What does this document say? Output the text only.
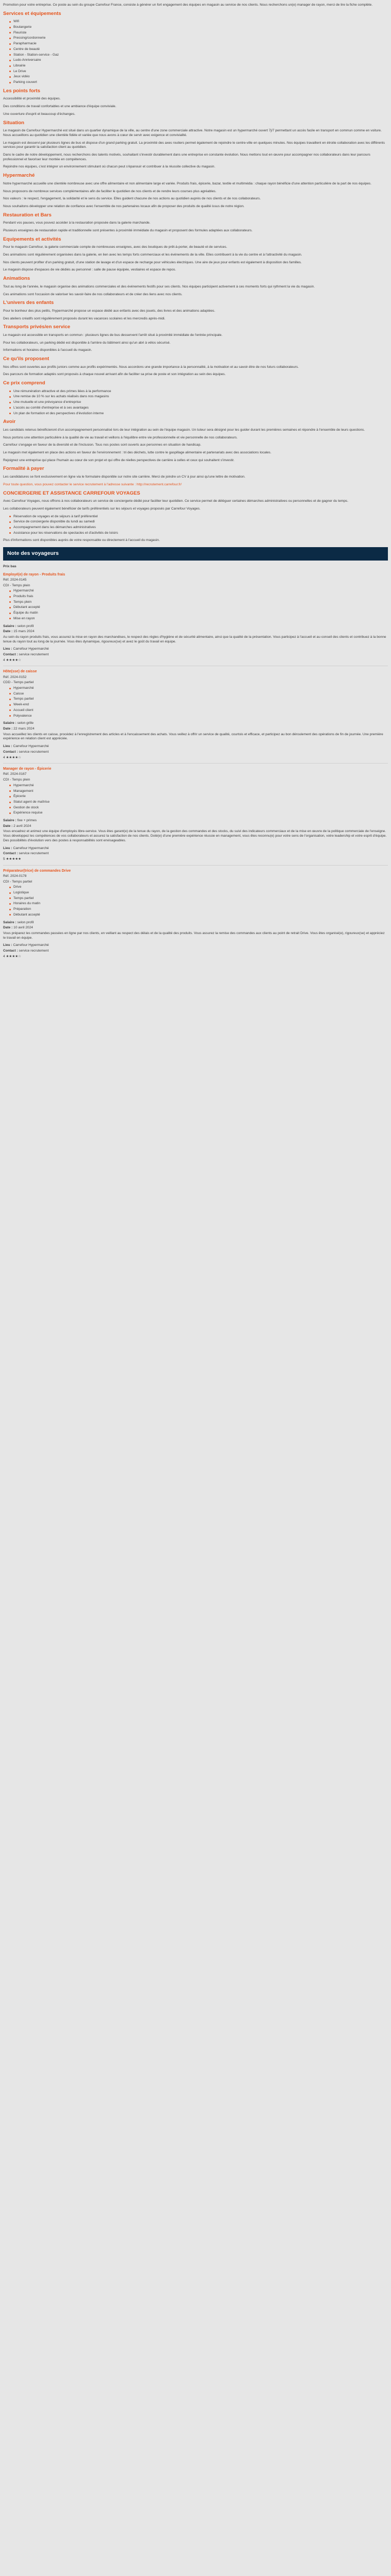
Promotion pour votre entreprise. Ce poste au sein du groupe Carrefour France, consiste à générer un fort engagement des équipes en magasin au service de nos clients. Nous recherchons un(e) manager de rayon, merci de lire la fiche complète.

Services et équipements
Wifi
Boulangerie
Fleuriste
Pressing/cordonnerie
Parapharmacie
Centre de beauté
Station - Station-service - Gaz
Ludo-Anniversaire
Librairie
Le Drive
Jeux vidéo
Parking couvert
Les points forts

Accessibilité et proximité des équipes.

Des conditions de travail confortables et une ambiance d'équipe conviviale.

Une ouverture d'esprit et beaucoup d'échanges.

Situation

Le magasin de Carrefour Hypermarché est situé dans un quartier dynamique de la ville, au centre d'une zone commerciale attractive. Notre magasin est un hypermarché ouvert 7j/7 permettant un accès facile en transport en commun comme en voiture. Nous accueillons au quotidien une clientèle fidèle et variée que nous avons à cœur de servir avec exigence et convivialité.

Le magasin est desservi par plusieurs lignes de bus et dispose d'un grand parking gratuit. La proximité des axes routiers permet également de rejoindre le centre-ville en quelques minutes. Nos équipes travaillent en étroite collaboration avec les différents services pour garantir la satisfaction client au quotidien.

Dans le cadre de notre développement, nous recherchons des talents motivés, souhaitant s'investir durablement dans une entreprise en constante évolution. Nous mettons tout en œuvre pour accompagner nos collaborateurs dans leur parcours professionnel et favoriser leur montée en compétences.

Rejoindre nos équipes, c'est intégrer un environnement stimulant où chacun peut s'épanouir et contribuer à la réussite collective du magasin.

Hypermarché

Notre hypermarché accueille une clientèle nombreuse avec une offre alimentaire et non alimentaire large et variée. Produits frais, épicerie, bazar, textile et multimédia : chaque rayon bénéficie d'une attention particulière de la part de nos équipes.

Nous proposons de nombreux services complémentaires afin de faciliter le quotidien de nos clients et de rendre leurs courses plus agréables.

Nos valeurs : le respect, l'engagement, la solidarité et le sens du service. Elles guident chacune de nos actions au quotidien auprès de nos clients et de nos collaborateurs.

Nous souhaitons développer une relation de confiance avec l'ensemble de nos partenaires locaux afin de proposer des produits de qualité issus de notre région.

Restauration et Bars

Pendant vos pauses, vous pouvez accéder à la restauration proposée dans la galerie marchande.

Plusieurs enseignes de restauration rapide et traditionnelle sont présentes à proximité immédiate du magasin et proposent des formules adaptées aux collaborateurs.

Equipements et activités

Pour le magasin Carrefour, la galerie commerciale compte de nombreuses enseignes, avec des boutiques de prêt-à-porter, de beauté et de services.

Des animations sont régulièrement organisées dans la galerie, en lien avec les temps forts commerciaux et les événements de la ville. Elles contribuent à la vie du centre et à l'attractivité du magasin.

Nos clients peuvent profiter d'un parking gratuit, d'une station de lavage et d'un espace de recharge pour véhicules électriques. Une aire de jeux pour enfants est également à disposition des familles.

Le magasin dispose d'espaces de vie dédiés au personnel : salle de pause équipée, vestiaires et espace de repos.

Animations

Tout au long de l'année, le magasin organise des animations commerciales et des événements festifs pour ses clients. Nos équipes participent activement à ces moments forts qui rythment la vie du magasin.

Ces animations sont l'occasion de valoriser les savoir-faire de nos collaborateurs et de créer des liens avec nos clients.

L'univers des enfants

Pour le bonheur des plus petits, l'hypermarché propose un espace dédié aux enfants avec des jouets, des livres et des animations adaptées.

Des ateliers créatifs sont régulièrement proposés durant les vacances scolaires et les mercredis après-midi.

Transports privés/en service

Le magasin est accessible en transports en commun : plusieurs lignes de bus desservent l'arrêt situé à proximité immédiate de l'entrée principale.

Pour les collaborateurs, un parking dédié est disponible à l'arrière du bâtiment ainsi qu'un abri à vélos sécurisé.

Informations et horaires disponibles à l'accueil du magasin.

Ce qu'ils proposent

Nos offres sont ouvertes aux profils juniors comme aux profils expérimentés. Nous accordons une grande importance à la personnalité, à la motivation et au savoir-être de nos futurs collaborateurs.

Des parcours de formation adaptés sont proposés à chaque nouvel arrivant afin de faciliter sa prise de poste et son intégration au sein des équipes.

Ce prix comprend
Une rémunération attractive et des primes liées à la performance
Une remise de 10 % sur les achats réalisés dans nos magasins
Une mutuelle et une prévoyance d'entreprise
L'accès au comité d'entreprise et à ses avantages
Un plan de formation et des perspectives d'évolution interne
Avoir

Les candidats retenus bénéficieront d'un accompagnement personnalisé lors de leur intégration au sein de l'équipe magasin. Un tuteur sera désigné pour les guider durant les premières semaines et répondre à l'ensemble de leurs questions.

Nous portons une attention particulière à la qualité de vie au travail et veillons à l'équilibre entre vie professionnelle et vie personnelle de nos collaborateurs.

Carrefour s'engage en faveur de la diversité et de l'inclusion. Tous nos postes sont ouverts aux personnes en situation de handicap.

Le magasin met également en place des actions en faveur de l'environnement : tri des déchets, lutte contre le gaspillage alimentaire et partenariats avec des associations locales.

Rejoignez une entreprise qui place l'humain au cœur de son projet et qui offre de réelles perspectives de carrière à celles et ceux qui souhaitent s'investir.

Formalité à payer

Les candidatures se font exclusivement en ligne via le formulaire disponible sur notre site carrière. Merci de joindre un CV à jour ainsi qu'une lettre de motivation.

Pour toute question, vous pouvez contacter le service recrutement à l'adresse suivante : http://recrutement.carrefour.fr/

CONCIERGERIE ET ASSISTANCE CARREFOUR VOYAGES

Avec Carrefour Voyages, nous offrons à nos collaborateurs un service de conciergerie dédié pour faciliter leur quotidien. Ce service permet de déléguer certaines démarches administratives ou personnelles et de gagner du temps.

Les collaborateurs peuvent également bénéficier de tarifs préférentiels sur les séjours et voyages proposés par Carrefour Voyages.

Réservation de voyages et de séjours à tarif préférentiel
Service de conciergerie disponible du lundi au samedi
Accompagnement dans les démarches administratives
Assistance pour les réservations de spectacles et d'activités de loisirs

Plus d'informations sont disponibles auprès de votre responsable ou directement à l'accueil du magasin.

Note des voyageurs

Prix bas

Employé(e) de rayon - Produits frais

Réf. 2024-0145

CDI - Temps plein

Hypermarché
Produits frais
Temps plein
Débutant accepté
Équipe du matin
Mise en rayon

Salaire : selon profil

Date : 15 mars 2024

Au sein du rayon produits frais, vous assurez la mise en rayon des marchandises, le respect des règles d'hygiène et de sécurité alimentaire, ainsi que la qualité de la présentation. Vous participez à l'accueil et au conseil des clients et contribuez à la bonne tenue du rayon tout au long de la journée. Vous êtes dynamique, rigoureux(se) et avez le goût du travail en équipe.

Lieu : Carrefour Hypermarché

Contact : service recrutement

4 ★★★★☆

Hôte(sse) de caisse

Réf. 2024-0152

CDD - Temps partiel

Hypermarché
Caisse
Temps partiel
Week-end
Accueil client
Polyvalence

Salaire : selon grille

Date : 22 mars 2024

Vous accueillez les clients en caisse, procédez à l'enregistrement des articles et à l'encaissement des achats. Vous veillez à offrir un service de qualité, courtois et efficace, et participez au bon déroulement des opérations de fin de journée. Une première expérience en relation client est appréciée.

Lieu : Carrefour Hypermarché

Contact : service recrutement

4 ★★★★☆

Manager de rayon - Épicerie

Réf. 2024-0167

CDI - Temps plein

Hypermarché
Management
Épicerie
Statut agent de maîtrise
Gestion de stock
Expérience requise

Salaire : fixe + primes

Date : 2 avril 2024

Vous encadrez et animez une équipe d'employés libre-service. Vous êtes garant(e) de la tenue du rayon, de la gestion des commandes et des stocks, du suivi des indicateurs commerciaux et de la mise en œuvre de la politique commerciale de l'enseigne. Vous développez les compétences de vos collaborateurs et assurez la satisfaction de nos clients. Doté(e) d'une première expérience réussie en management, vous êtes reconnu(e) pour votre sens de l'organisation, votre leadership et votre esprit d'équipe. Des possibilités d'évolution vers des postes à responsabilités sont envisageables.

Lieu : Carrefour Hypermarché

Contact : service recrutement

5 ★★★★★

Préparateur(trice) de commandes Drive

Réf. 2024-0178

CDI - Temps partiel

Drive
Logistique
Temps partiel
Horaires du matin
Préparation
Débutant accepté

Salaire : selon profil

Date : 10 avril 2024

Vous préparez les commandes passées en ligne par nos clients, en veillant au respect des délais et de la qualité des produits. Vous assurez la remise des commandes aux clients au point de retrait Drive. Vous êtes organisé(e), rigoureux(se) et appréciez le travail en équipe.

Lieu : Carrefour Hypermarché

Contact : service recrutement

4 ★★★★☆
